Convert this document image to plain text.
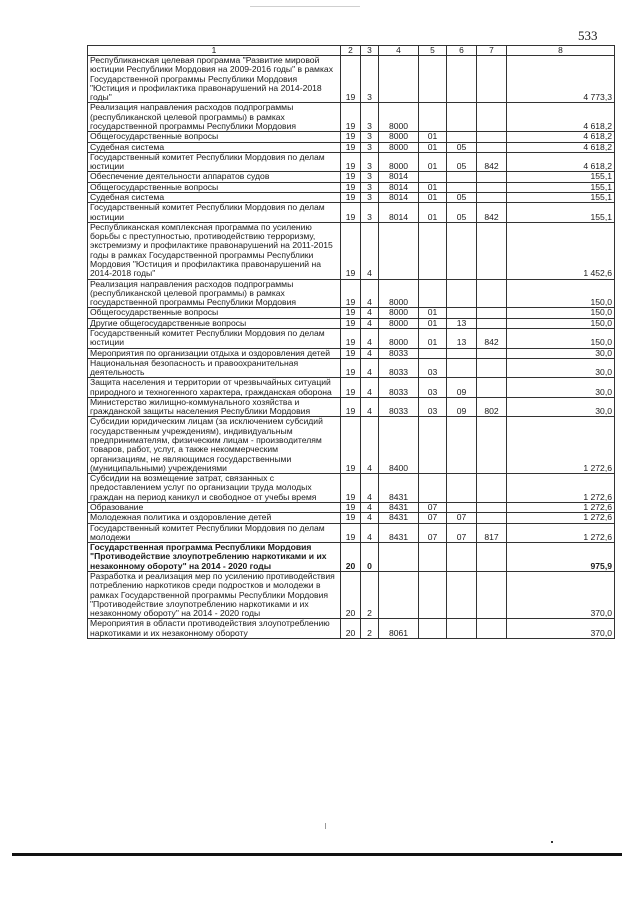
533
1	2	3	4	5	6	7	8
Республиканская целевая программа "Развитие мировой юстиции Республики Мордовия на 2009-2016 годы" в рамках Государственной программы Республики Мордовия "Юстиция и профилактика правонарушений на 2014-2018 годы"	19	3					4 773,3
Реализация направления расходов подпрограммы (республиканской целевой программы) в рамках государственной программы Республики Мордовия	19	3	8000				4 618,2
Общегосударственные вопросы	19	3	8000	01			4 618,2
Судебная система	19	3	8000	01	05		4 618,2
Государственный комитет Республики Мордовия по делам юстиции	19	3	8000	01	05	842	4 618,2
Обеспечение деятельности аппаратов судов	19	3	8014				155,1
Общегосударственные вопросы	19	3	8014	01			155,1
Судебная система	19	3	8014	01	05		155,1
Государственный комитет Республики Мордовия по делам юстиции	19	3	8014	01	05	842	155,1
Республиканская комплексная программа по усилению борьбы с преступностью, противодействию терроризму, экстремизму и профилактике правонарушений на 2011-2015 годы в рамках Государственной программы Республики Мордовия "Юстиция и профилактика правонарушений на 2014-2018 годы"	19	4					1 452,6
Реализация направления расходов подпрограммы (республиканской целевой программы) в рамках государственной программы Республики Мордовия	19	4	8000				150,0
Общегосударственные вопросы	19	4	8000	01			150,0
Другие общегосударственные вопросы	19	4	8000	01	13		150,0
Государственный комитет Республики Мордовия по делам юстиции	19	4	8000	01	13	842	150,0
Мероприятия по организации отдыха и оздоровления детей	19	4	8033				30,0
Национальная безопасность и правоохранительная деятельность	19	4	8033	03			30,0
Защита населения и территории от чрезвычайных ситуаций природного и техногенного характера, гражданская оборона	19	4	8033	03	09		30,0
Министерство жилищно-коммунального хозяйства и гражданской защиты населения Республики Мордовия	19	4	8033	03	09	802	30,0
Субсидии юридическим лицам (за исключением субсидий государственным учреждениям), индивидуальным предпринимателям, физическим лицам - производителям товаров, работ, услуг, а также некоммерческим организациям, не являющимся государственными (муниципальными) учреждениями	19	4	8400				1 272,6
Субсидии на возмещение затрат, связанных с предоставлением услуг по организации труда молодых граждан на период каникул и свободное от учебы время	19	4	8431				1 272,6
Образование	19	4	8431	07			1 272,6
Молодежная политика и оздоровление детей	19	4	8431	07	07		1 272,6
Государственный комитет Республики Мордовия по делам молодежи	19	4	8431	07	07	817	1 272,6
Государственная программа Республики Мордовия "Противодействие злоупотреблению наркотиками и их незаконному обороту" на 2014 - 2020 годы	20	0					975,9
Разработка и реализация мер по усилению противодействия потреблению наркотиков среди подростков и молодежи в рамках Государственной программы Республики Мордовия "Противодействие злоупотреблению наркотиками и их незаконному обороту" на 2014 - 2020 годы	20	2					370,0
Мероприятия в области противодействия злоупотреблению наркотиками и их незаконному обороту	20	2	8061				370,0
